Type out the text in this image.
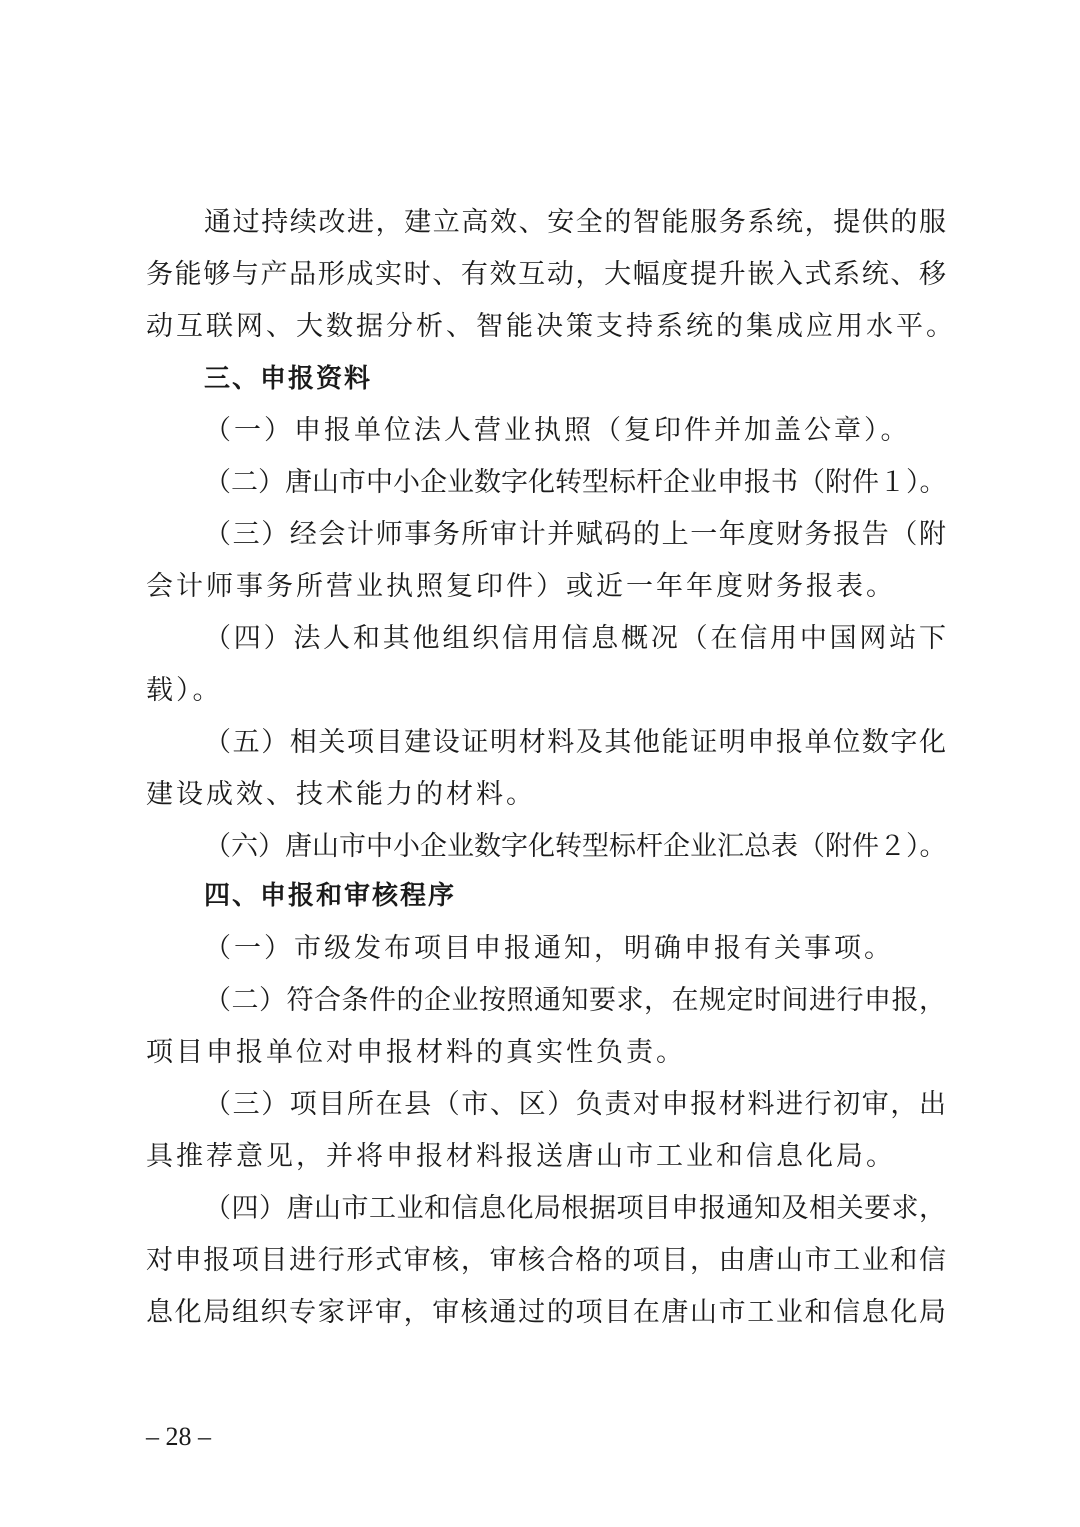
通过持续改进，建立高效、安全的智能服务系统，提供的服
务能够与产品形成实时、有效互动，大幅度提升嵌入式系统、移
动互联网、大数据分析、智能决策支持系统的集成应用水平。
三、申报资料
（一）申报单位法人营业执照（复印件并加盖公章）。
（二）唐山市中小企业数字化转型标杆企业申报书（附件１）。
（三）经会计师事务所审计并赋码的上一年度财务报告（附
会计师事务所营业执照复印件）或近一年年度财务报表。
（四）法人和其他组织信用信息概况（在信用中国网站下
载）。
（五）相关项目建设证明材料及其他能证明申报单位数字化
建设成效、技术能力的材料。
（六）唐山市中小企业数字化转型标杆企业汇总表（附件２）。
四、申报和审核程序
（一）市级发布项目申报通知，明确申报有关事项。
（二）符合条件的企业按照通知要求，在规定时间进行申报，
项目申报单位对申报材料的真实性负责。
（三）项目所在县（市、区）负责对申报材料进行初审，出
具推荐意见，并将申报材料报送唐山市工业和信息化局。
（四）唐山市工业和信息化局根据项目申报通知及相关要求，
对申报项目进行形式审核，审核合格的项目，由唐山市工业和信
息化局组织专家评审，审核通过的项目在唐山市工业和信息化局
– 28 –
